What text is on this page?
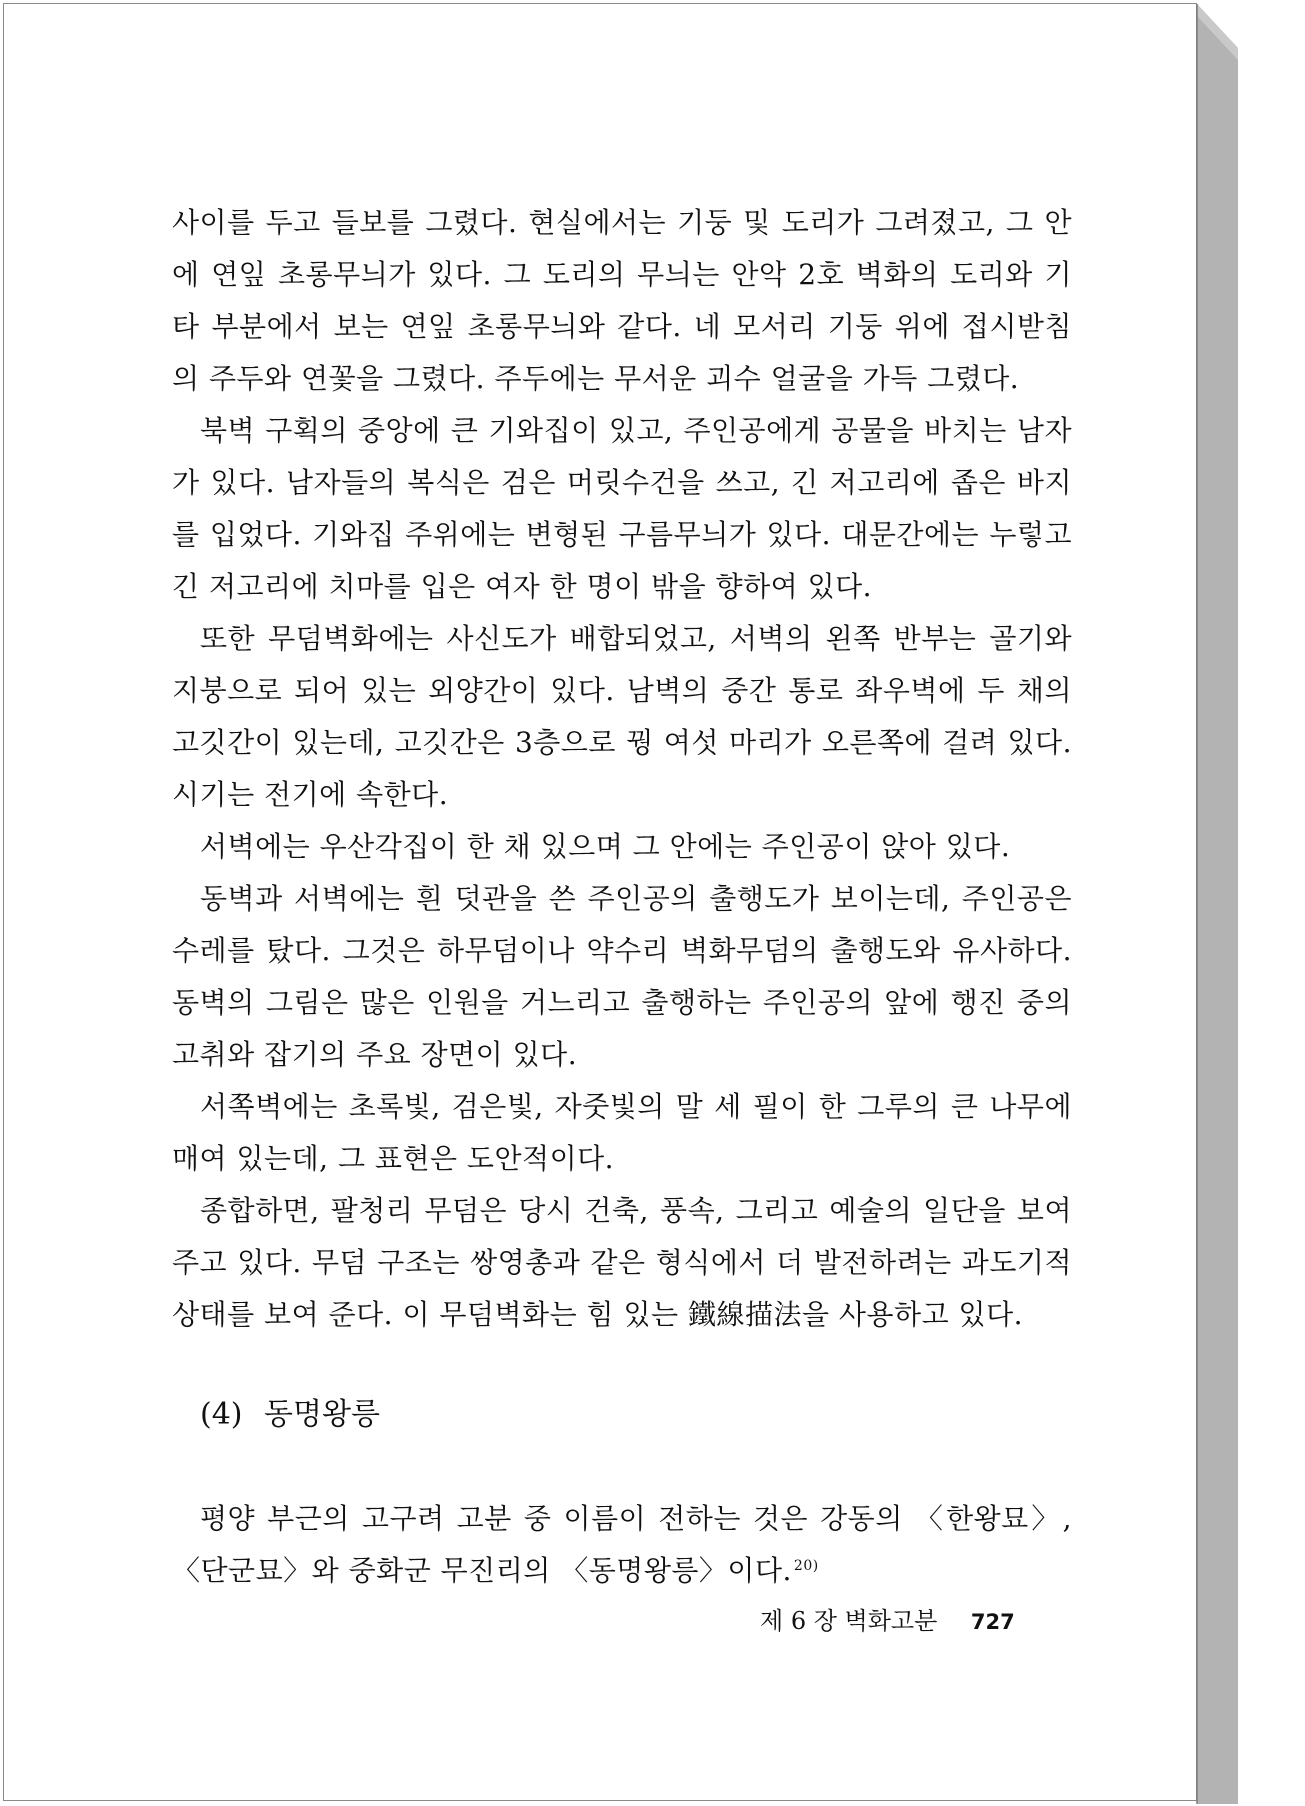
사이를 두고 들보를 그렸다. 현실에서는 기둥 및 도리가 그려졌고, 그 안에 연잎 초롱무늬가 있다. 그 도리의 무늬는 안악 2호 벽화의 도리와 기타 부분에서 보는 연잎 초롱무늬와 같다. 네 모서리 기둥 위에 접시받침의 주두와 연꽃을 그렸다. 주두에는 무서운 괴수 얼굴을 가득 그렸다.

북벽 구획의 중앙에 큰 기와집이 있고, 주인공에게 공물을 바치는 남자가 있다. 남자들의 복식은 검은 머릿수건을 쓰고, 긴 저고리에 좁은 바지를 입었다. 기와집 주위에는 변형된 구름무늬가 있다. 대문간에는 누렇고 긴 저고리에 치마를 입은 여자 한 명이 밖을 향하여 있다.

또한 무덤벽화에는 사신도가 배합되었고, 서벽의 왼쪽 반부는 골기와 지붕으로 되어 있는 외양간이 있다. 남벽의 중간 통로 좌우벽에 두 채의 고깃간이 있는데, 고깃간은 3층으로 꿩 여섯 마리가 오른쪽에 걸려 있다. 시기는 전기에 속한다.

서벽에는 우산각집이 한 채 있으며 그 안에는 주인공이 앉아 있다.

동벽과 서벽에는 흰 덧관을 쓴 주인공의 출행도가 보이는데, 주인공은 수레를 탔다. 그것은 하무덤이나 약수리 벽화무덤의 출행도와 유사하다. 동벽의 그림은 많은 인원을 거느리고 출행하는 주인공의 앞에 행진 중의 고취와 잡기의 주요 장면이 있다.

서쪽벽에는 초록빛, 검은빛, 자줏빛의 말 세 필이 한 그루의 큰 나무에 매여 있는데, 그 표현은 도안적이다.

종합하면, 팔청리 무덤은 당시 건축, 풍속, 그리고 예술의 일단을 보여 주고 있다. 무덤 구조는 쌍영총과 같은 형식에서 더 발전하려는 과도기적 상태를 보여 준다. 이 무덤벽화는 힘 있는 鐵線描法을 사용하고 있다.

(4) 동명왕릉

평양 부근의 고구려 고분 중 이름이 전하는 것은 강동의 〈한왕묘〉, 〈단군묘〉와 중화군 무진리의 〈동명왕릉〉이다. $^{20)}$

제 6 장 벽화고분 727
